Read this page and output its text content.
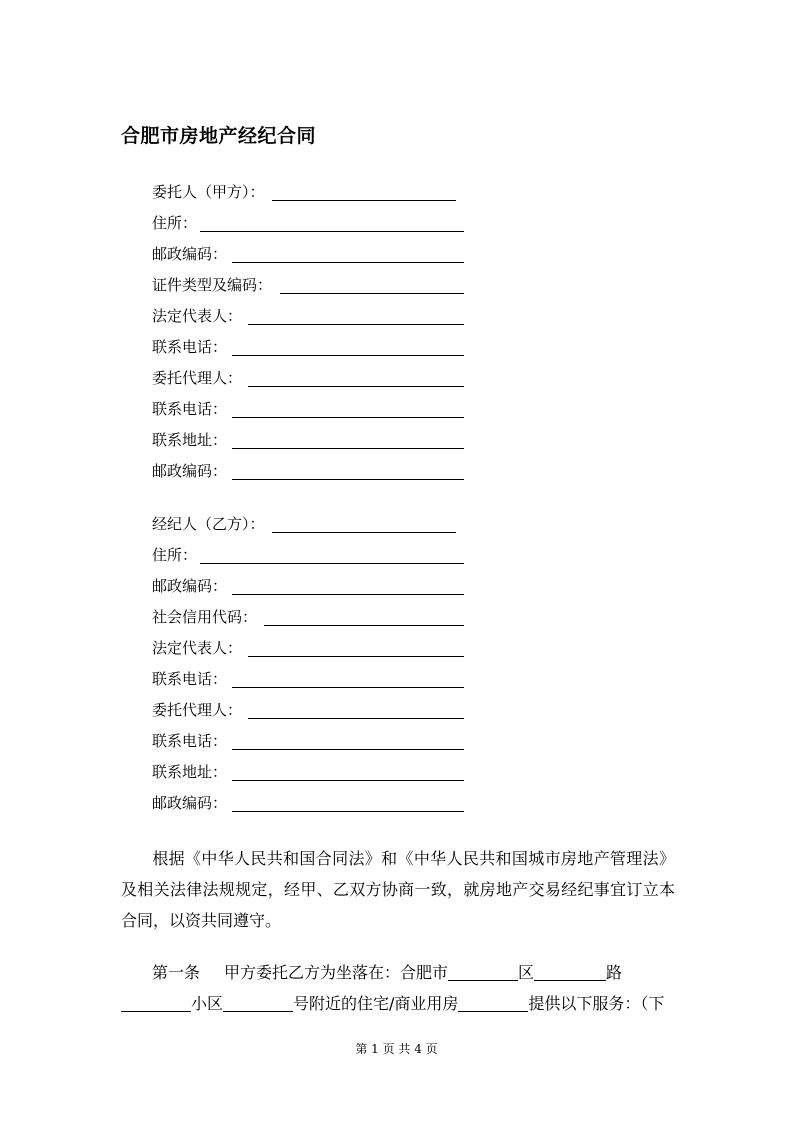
合肥市房地产经纪合同
委托人（甲方）：
住所：
邮政编码：
证件类型及编码：
法定代表人：
联系电话：
委托代理人：
联系电话：
联系地址：
邮政编码：
经纪人（乙方）：
住所：
邮政编码：
社会信用代码：
法定代表人：
联系电话：
委托代理人：
联系电话：
联系地址：
邮政编码：
根据《中华人民共和国合同法》和《中华人民共和国城市房地产管理法》及相关法律法规规定，经甲、乙双方协商一致，就房地产交易经纪事宜订立本合同，以资共同遵守。
第一条 甲方委托乙方为坐落在：合肥市	区	路
小区	号附近的住宅/商业用房	提供以下服务：（下
第 1 页 共 4 页
